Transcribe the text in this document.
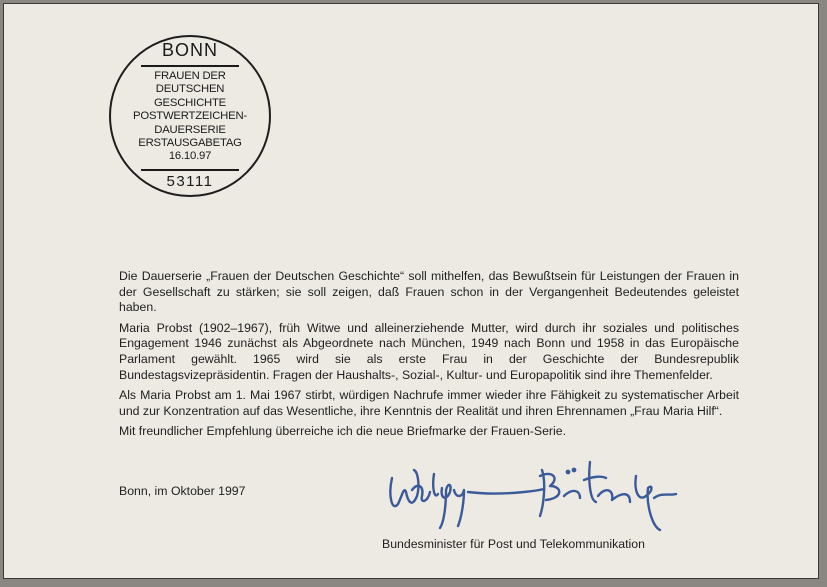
BONN
FRAUEN DER
DEUTSCHEN
GESCHICHTE
POSTWERTZEICHEN-
DAUERSERIE
ERSTAUSGABETAG
16.10.97
53111

Die Dauerserie „Frauen der Deutschen Geschichte“ soll mithelfen, das Bewußtsein für Leistungen der Frauen in der Gesellschaft zu stärken; sie soll zeigen, daß Frauen schon in der Vergangenheit Bedeutendes geleistet haben.

Maria Probst (1902–1967), früh Witwe und alleinerziehende Mutter, wird durch ihr soziales und politisches Engagement 1946 zunächst als Abgeordnete nach München, 1949 nach Bonn und 1958 in das Europäische Parlament gewählt. 1965 wird sie als erste Frau in der Geschichte der Bundesrepublik Bundestagsvizepräsidentin. Fragen der Haushalts-, Sozial-, Kultur- und Europapolitik sind ihre Themenfelder.

Als Maria Probst am 1. Mai 1967 stirbt, würdigen Nachrufe immer wieder ihre Fähigkeit zu systematischer Arbeit und zur Konzentration auf das Wesentliche, ihre Kenntnis der Realität und ihren Ehrennamen „Frau Maria Hilf“.

Mit freundlicher Empfehlung überreiche ich die neue Briefmarke der Frauen-Serie.

Bonn, im Oktober 1997
Bundesminister für Post und Telekommunikation
